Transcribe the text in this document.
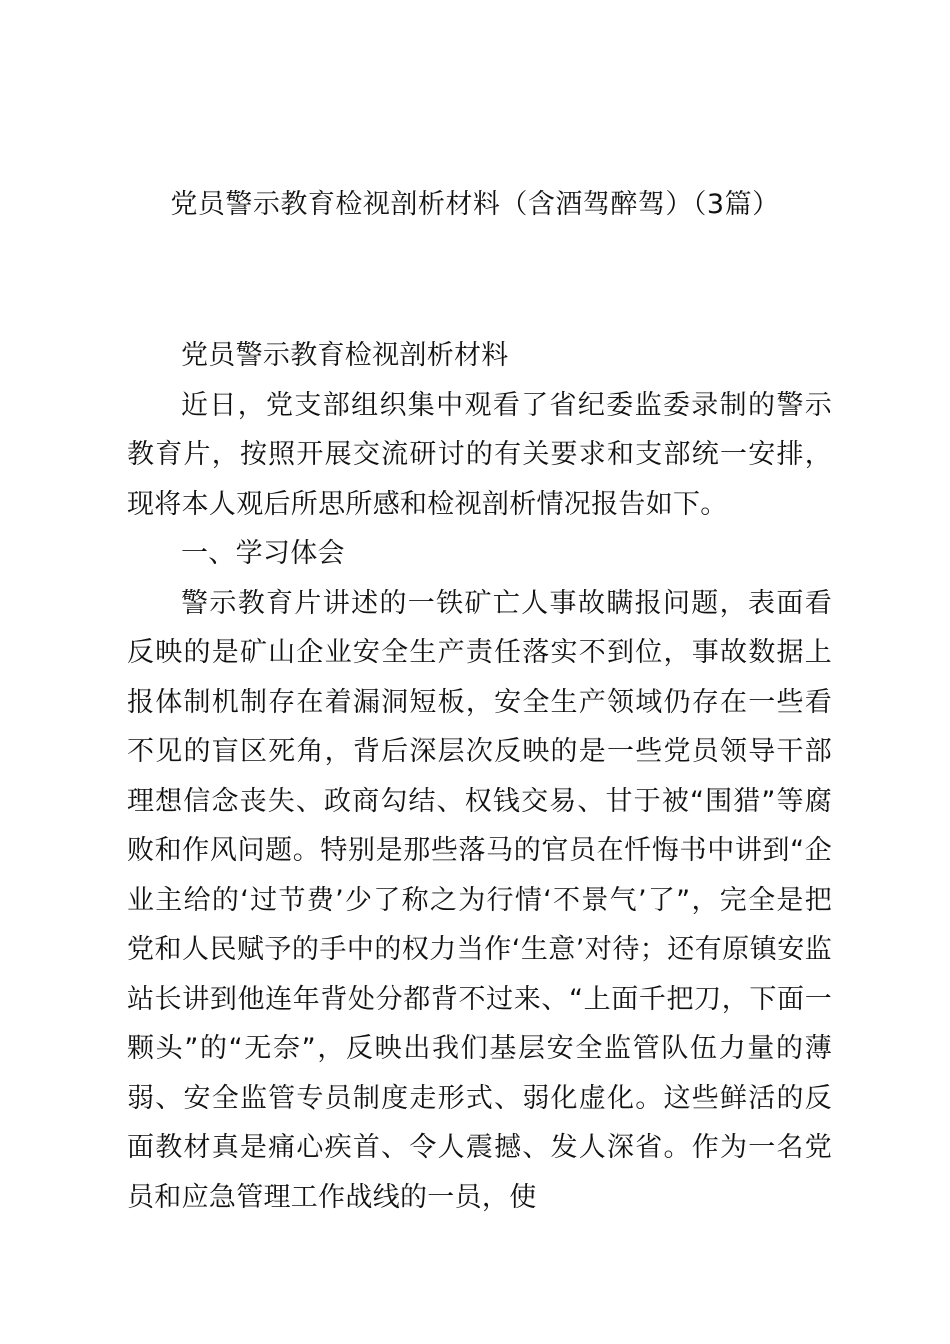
党员警示教育检视剖析材料（含酒驾醉驾）（3篇）

党员警示教育检视剖析材料

近日，党支部组织集中观看了省纪委监委录制的警示教育片，按照开展交流研讨的有关要求和支部统一安排，现将本人观后所思所感和检视剖析情况报告如下。

一、学习体会

警示教育片讲述的一铁矿亡人事故瞒报问题，表面看反映的是矿山企业安全生产责任落实不到位，事故数据上报体制机制存在着漏洞短板，安全生产领域仍存在一些看不见的盲区死角，背后深层次反映的是一些党员领导干部理想信念丧失、政商勾结、权钱交易、甘于被“围猎”等腐败和作风问题。特别是那些落马的官员在忏悔书中讲到“企业主给的‘过节费’少了称之为行情‘不景气’了”，完全是把党和人民赋予的手中的权力当作‘生意’对待；还有原镇安监站长讲到他连年背处分都背不过来、“上面千把刀，下面一颗头”的“无奈”，反映出我们基层安全监管队伍力量的薄弱、安全监管专员制度走形式、弱化虚化。这些鲜活的反面教材真是痛心疾首、令人震撼、发人深省。作为一名党员和应急管理工作战线的一员，使
